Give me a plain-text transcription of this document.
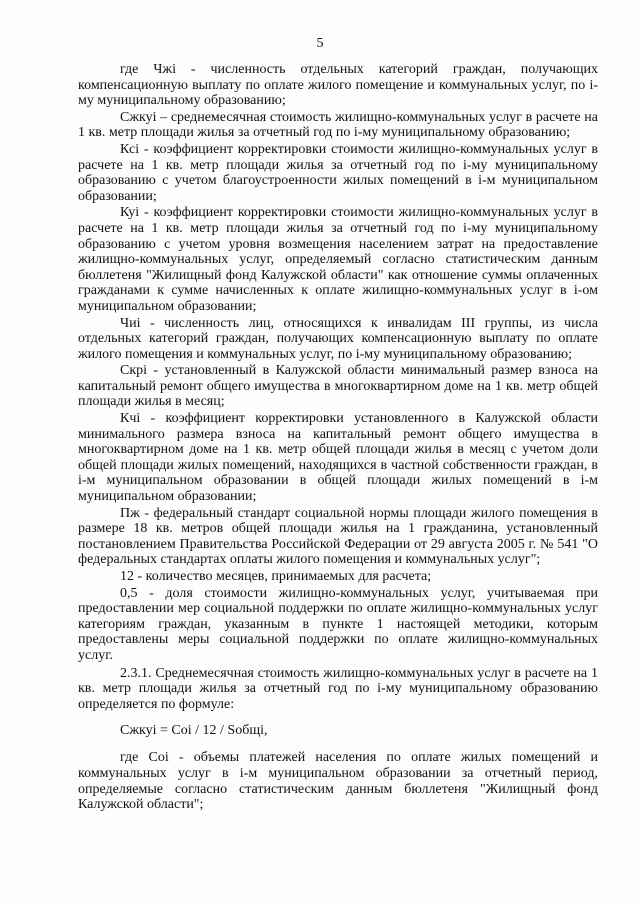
5

где Чжі - численность отдельных категорий граждан, получающих компенсационную выплату по оплате жилого помещение и коммунальных услуг, по і-му муниципальному образованию;

Сжкуі – среднемесячная стоимость жилищно-коммунальных услуг в расчете на 1 кв. метр площади жилья за отчетный год по і-му муниципальному образованию;

Ксі - коэффициент корректировки стоимости жилищно-коммунальных услуг в расчете на 1 кв. метр площади жилья за отчетный год по і-му муниципальному образованию с учетом благоустроенности жилых помещений в і-м муниципальном образовании;

Куі - коэффициент корректировки стоимости жилищно-коммунальных услуг в расчете на 1 кв. метр площади жилья за отчетный год по і-му муниципальному образованию с учетом уровня возмещения населением затрат на предоставление жилищно-коммунальных услуг, определяемый согласно статистическим данным бюллетеня "Жилищный фонд Калужской области" как отношение суммы оплаченных гражданами к сумме начисленных к оплате жилищно-коммунальных услуг в і-ом муниципальном образовании;

Чиі - численность лиц, относящихся к инвалидам III группы, из числа отдельных категорий граждан, получающих компенсационную выплату по оплате жилого помещения и коммунальных услуг, по і-му муниципальному образованию;

Скрі - установленный в Калужской области минимальный размер взноса на капитальный ремонт общего имущества в многоквартирном доме на 1 кв. метр общей площади жилья в месяц;

Кчі - коэффициент корректировки установленного в Калужской области минимального размера взноса на капитальный ремонт общего имущества в многоквартирном доме на 1 кв. метр общей площади жилья в месяц с учетом доли общей площади жилых помещений, находящихся в частной собственности граждан, в і-м муниципальном образовании в общей площади жилых помещений в і-м муниципальном образовании;

Пж - федеральный стандарт социальной нормы площади жилого помещения в размере 18 кв. метров общей площади жилья на 1 гражданина, установленный постановлением Правительства Российской Федерации от 29 августа 2005 г. № 541 "О федеральных стандартах оплаты жилого помещения и коммунальных услуг";

12 - количество месяцев, принимаемых для расчета;

0,5 - доля стоимости жилищно-коммунальных услуг, учитываемая при предоставлении мер социальной поддержки по оплате жилищно-коммунальных услуг категориям граждан, указанным в пункте 1 настоящей методики, которым предоставлены меры социальной поддержки по оплате жилищно-коммунальных услуг.

2.3.1. Среднемесячная стоимость жилищно-коммунальных услуг в расчете на 1 кв. метр площади жилья за отчетный год по і-му муниципальному образованию определяется по формуле:

Сжкуі = Соі / 12 / Sобщі,

где Соі - объемы платежей населения по оплате жилых помещений и коммунальных услуг в і-м муниципальном образовании за отчетный период, определяемые согласно статистическим данным бюллетеня "Жилищный фонд Калужской области";
